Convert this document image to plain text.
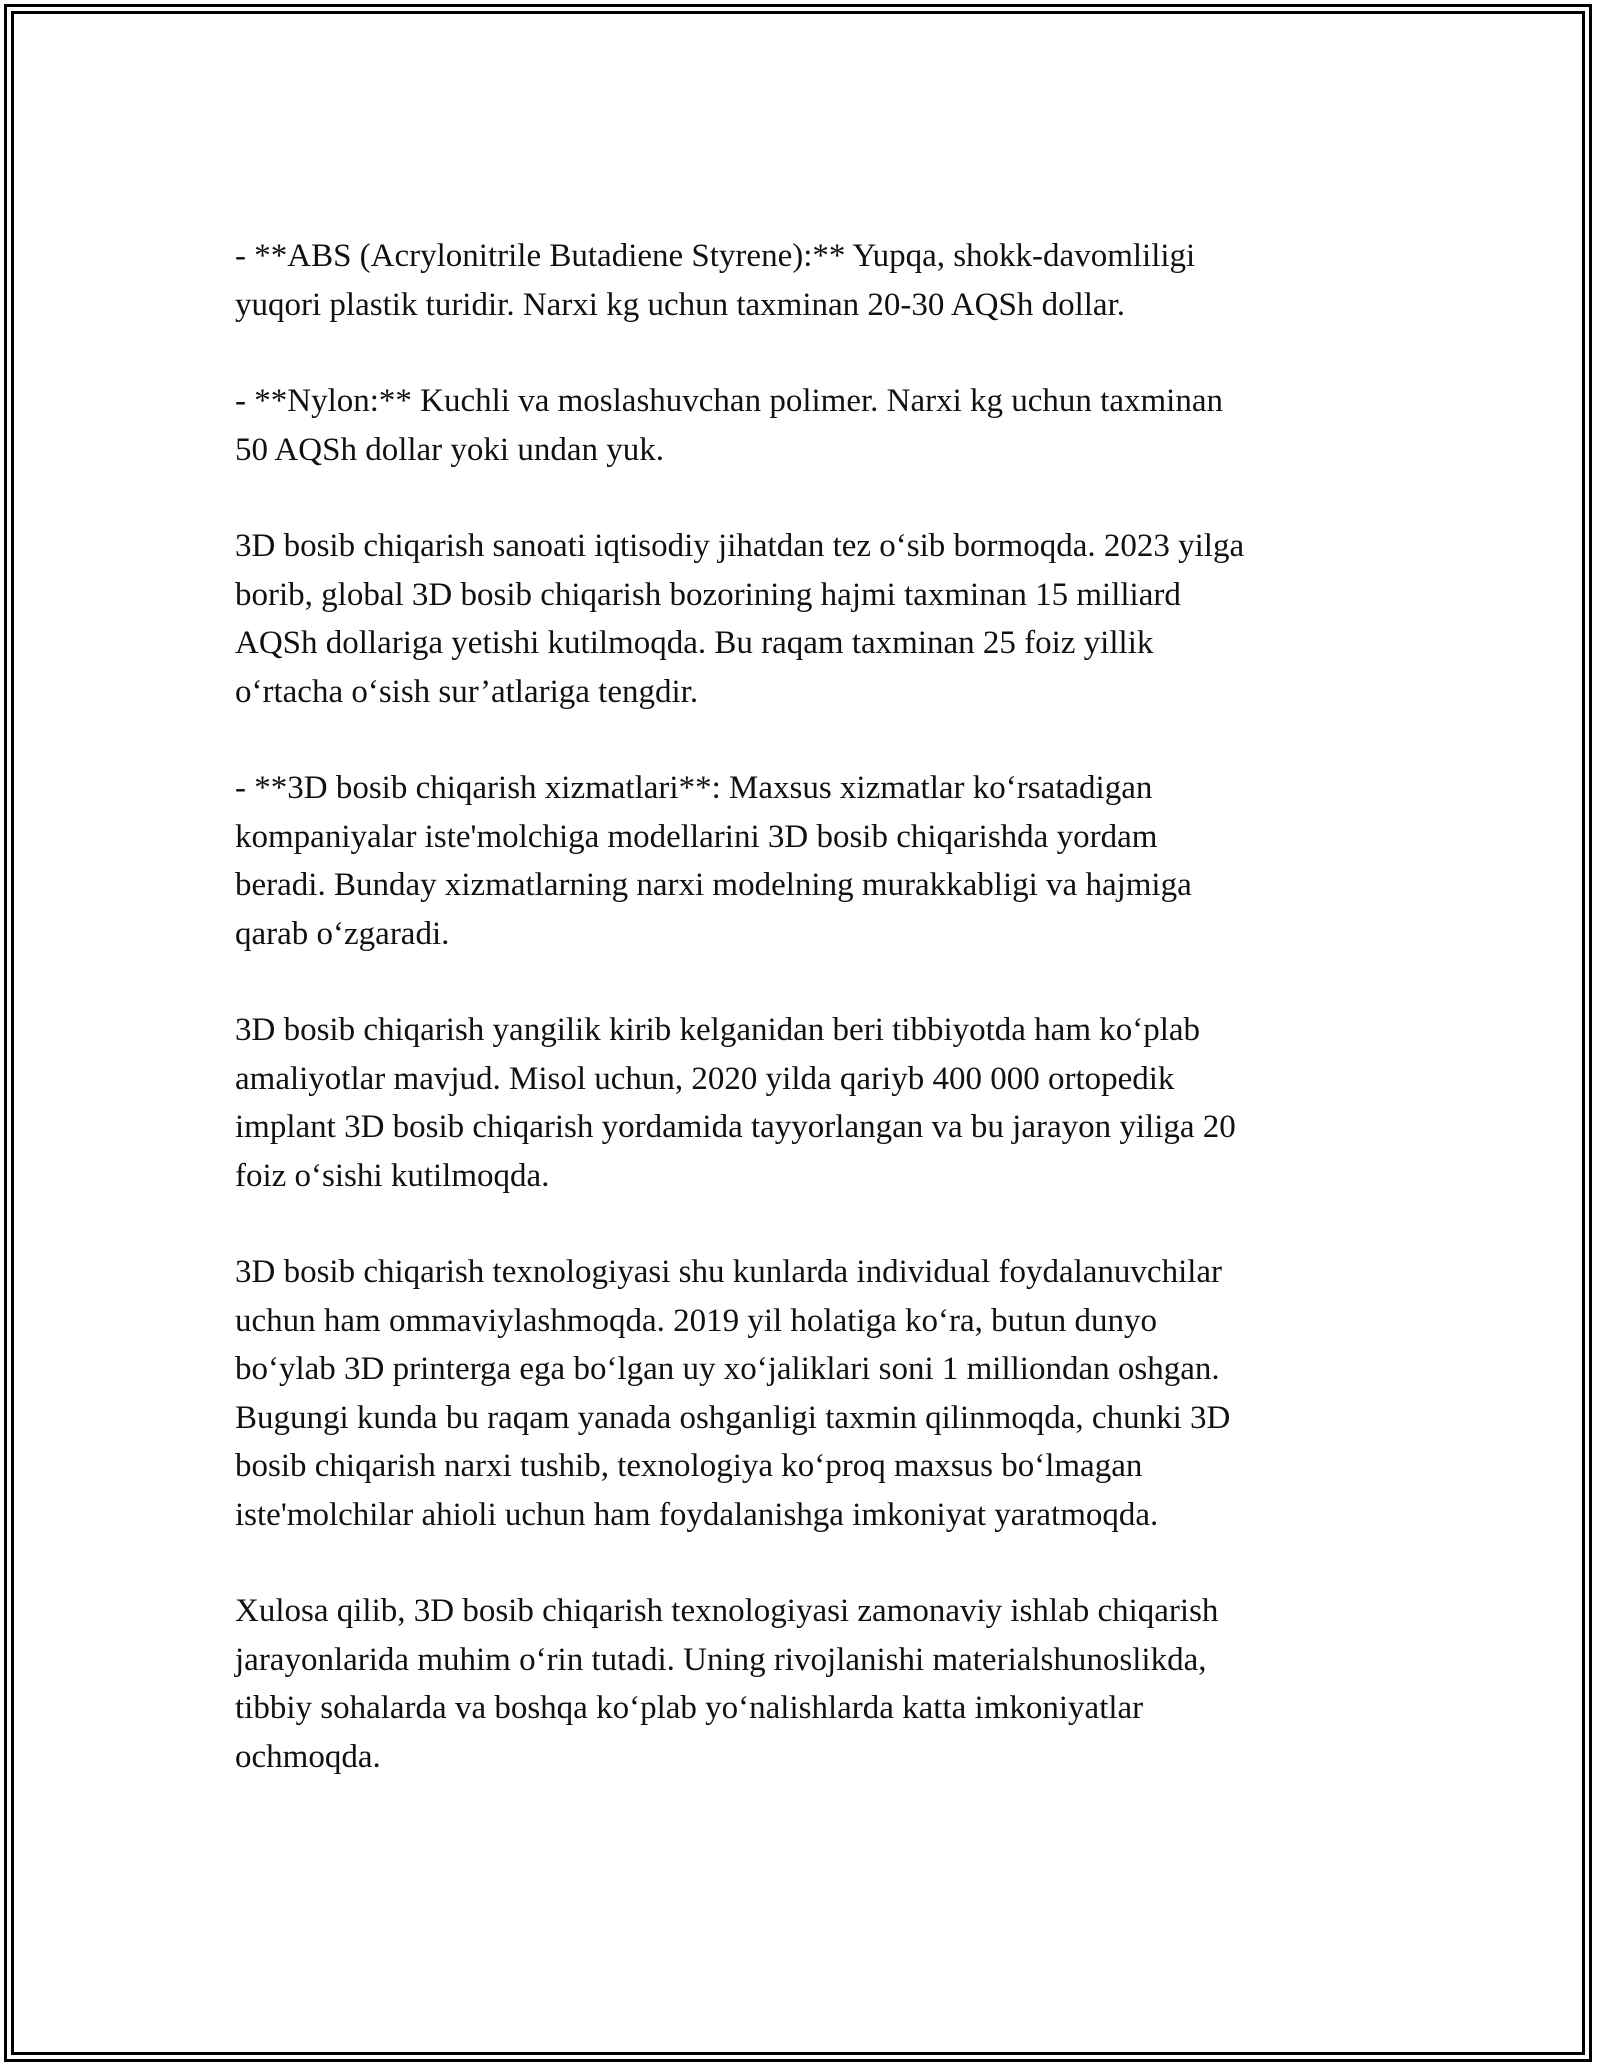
- **ABS (Acrylonitrile Butadiene Styrene):** Yupqa, shokk-davomliligi
yuqori plastik turidir. Narxi kg uchun taxminan 20-30 AQSh dollar.

- **Nylon:** Kuchli va moslashuvchan polimer. Narxi kg uchun taxminan
50 AQSh dollar yoki undan yuk.

3D bosib chiqarish sanoati iqtisodiy jihatdan tez o‘sib bormoqda. 2023 yilga
borib, global 3D bosib chiqarish bozorining hajmi taxminan 15 milliard
AQSh dollariga yetishi kutilmoqda. Bu raqam taxminan 25 foiz yillik
o‘rtacha o‘sish sur’atlariga tengdir.

- **3D bosib chiqarish xizmatlari**: Maxsus xizmatlar ko‘rsatadigan
kompaniyalar iste'molchiga modellarini 3D bosib chiqarishda yordam
beradi. Bunday xizmatlarning narxi modelning murakkabligi va hajmiga
qarab o‘zgaradi.

3D bosib chiqarish yangilik kirib kelganidan beri tibbiyotda ham ko‘plab
amaliyotlar mavjud. Misol uchun, 2020 yilda qariyb 400 000 ortopedik
implant 3D bosib chiqarish yordamida tayyorlangan va bu jarayon yiliga 20
foiz o‘sishi kutilmoqda.

3D bosib chiqarish texnologiyasi shu kunlarda individual foydalanuvchilar
uchun ham ommaviylashmoqda. 2019 yil holatiga ko‘ra, butun dunyo
bo‘ylab 3D printerga ega bo‘lgan uy xo‘jaliklari soni 1 milliondan oshgan.
Bugungi kunda bu raqam yanada oshganligi taxmin qilinmoqda, chunki 3D
bosib chiqarish narxi tushib, texnologiya ko‘proq maxsus bo‘lmagan
iste'molchilar ahioli uchun ham foydalanishga imkoniyat yaratmoqda.

Xulosa qilib, 3D bosib chiqarish texnologiyasi zamonaviy ishlab chiqarish
jarayonlarida muhim o‘rin tutadi. Uning rivojlanishi materialshunoslikda,
tibbiy sohalarda va boshqa ko‘plab yo‘nalishlarda katta imkoniyatlar
ochmoqda.
